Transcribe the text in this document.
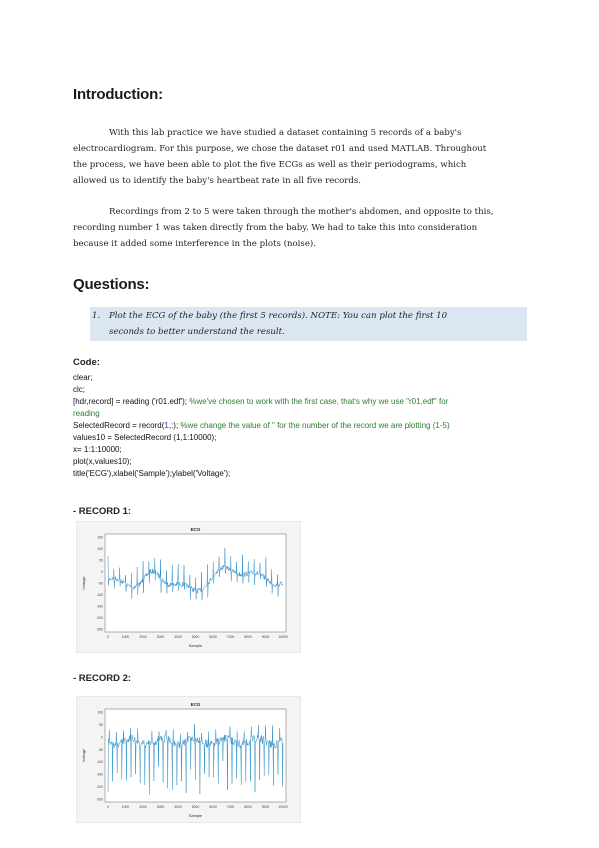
Introduction:
With this lab practice we have studied a dataset containing 5 records of a baby's
electrocardiogram. For this purpose, we chose the dataset r01 and used MATLAB. Throughout
the process, we have been able to plot the five ECGs as well as their periodograms, which
allowed us to identify the baby's heartbeat rate in all five records.
Recordings from 2 to 5 were taken through the mother's abdomen, and opposite to this,
recording number 1 was taken directly from the baby. We had to take this into consideration
because it added some interference in the plots (noise).
Questions:
1. Plot the ECG of the baby (the first 5 records). NOTE: You can plot the first 10
seconds to better understand the result.
Code:
clear;
clc;
[hdr,record] = reading ('r01.edf'); %we've chosen to work with the first case, that's why we use "r01.edf" for
reading
SelectedRecord = record(1,:); %we change the value of " for the number of the record we are plotting (1-5)
values10 = SelectedRecord (1,1:10000);
x= 1:1:10000;
plot(x,values10);
title('ECG'),xlabel('Sample');ylabel('Voltage');
- RECORD 1:
ECG
Sample
Voltage
150
100
50
0
-50
-100
-150
-200
-250
0	1000	2000	3000	4000	5000	6000	7000	8000	9000	10000
- RECORD 2:
ECG
Sample
Voltage
100
50
0
-50
-100
-150
-200
-250
0	1000	2000	3000	4000	5000	6000	7000	8000	9000	10000
